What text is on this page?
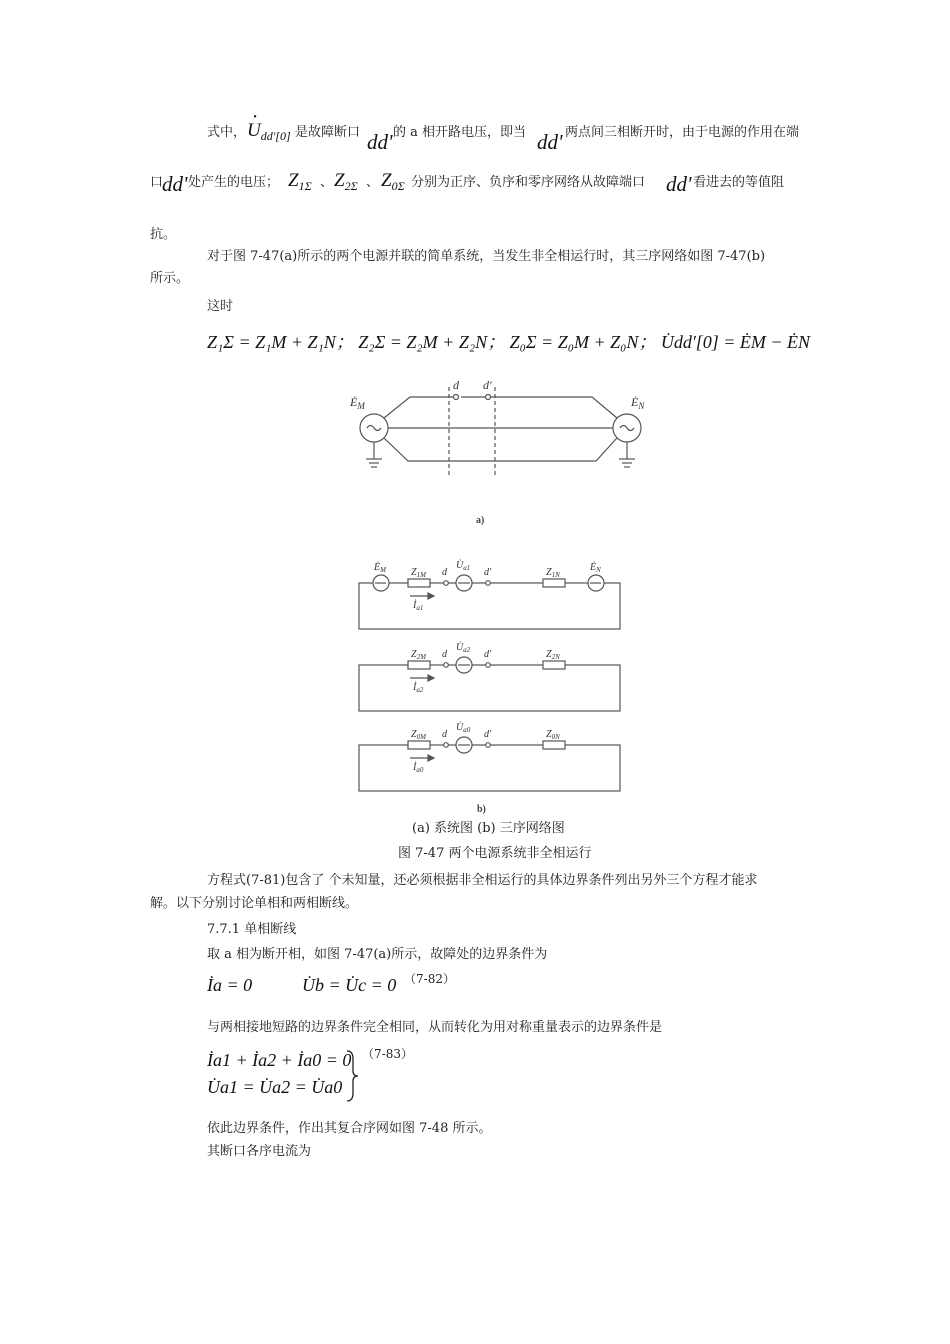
式中，
· $U_{dd'[0]}$ 是故障断口 dd' 的 a 相开路电压，即当 dd' 两点间三相断开时，由于电源的作用在端
口
dd' 处产生的电压； $Z_{1\Sigma}$ 、 $Z_{2\Sigma}$ 、 $Z_{0\Sigma}$ 分别为正序、负序和零序网络从故障端口 dd' 看进去的等值阻
抗。
对于图 7-47(a)所示的两个电源并联的简单系统，当发生非全相运行时，其三序网络如图 7-47(b)
所示。
这时
Z₁Σ = Z₁M + Z₁N； Z₂Σ = Z₂M + Z₂N； Z₀Σ = Z₀M + Z₀N； U̇dd'[0] = ĖM − ĖN
$Ė_M$	$Ė_N$
d d'
a)
$Ė_M$	$Z_{1M}$
$U̇_{a1}$
d	d'	$Z_{1N}$
$Ė_N$
$İ_{a1}$
$Z_{2M}$
$U̇_{a2}$
d	d'	$Z_{2N}$
$İ_{a2}$
$Z_{0M}$
$U̇_{a0}$
d	d'	$Z_{0N}$
$İ_{a0}$
b)
(a) 系统图 (b) 三序网络图
图 7-47 两个电源系统非全相运行
方程式(7-81)包含了 个未知量，还必须根据非全相运行的具体边界条件列出另外三个方程才能求
解。以下分别讨论单相和两相断线。
7.7.1 单相断线
取 a 相为断开相，如图 7-47(a)所示，故障处的边界条件为
İa = 0	U̇b = U̇c = 0 （7-82）
与两相接地短路的边界条件完全相同，从而转化为用对称重量表示的边界条件是
İa1 + İa2 + İa0 = 0
U̇a1 = U̇a2 = U̇a0
（7-83）
依此边界条件，作出其复合序网如图 7-48 所示。
其断口各序电流为
